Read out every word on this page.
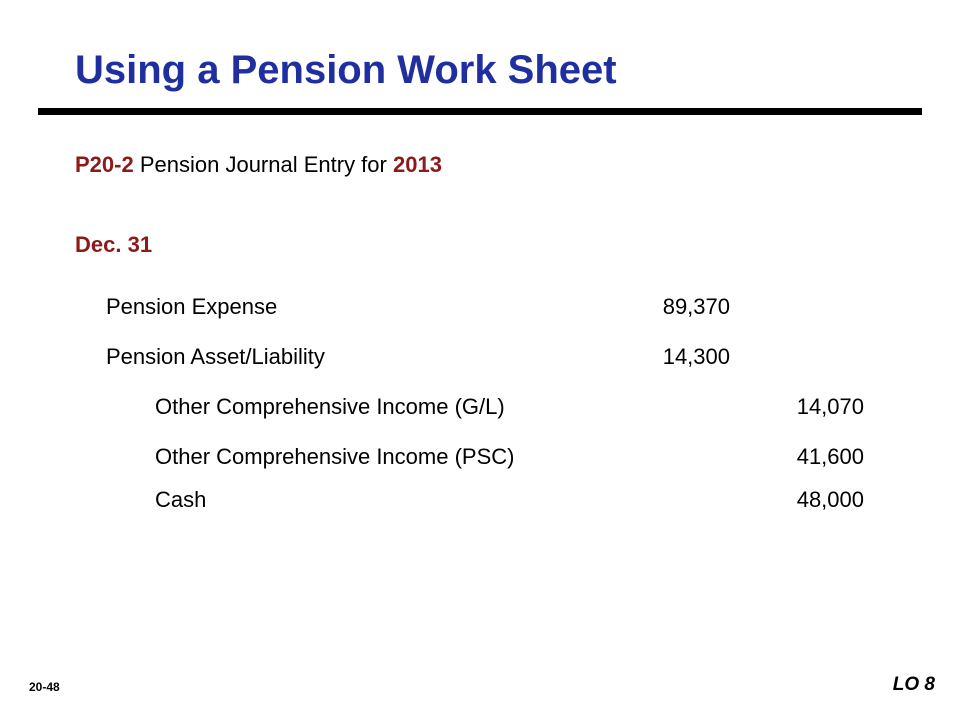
Using a Pension Work Sheet
P20-2 Pension Journal Entry for 2013
Dec. 31
Pension Expense	89,370
Pension Asset/Liability	14,300
Other Comprehensive Income (G/L)	14,070
Other Comprehensive Income (PSC)	41,600
Cash	48,000
20-48	LO 8
